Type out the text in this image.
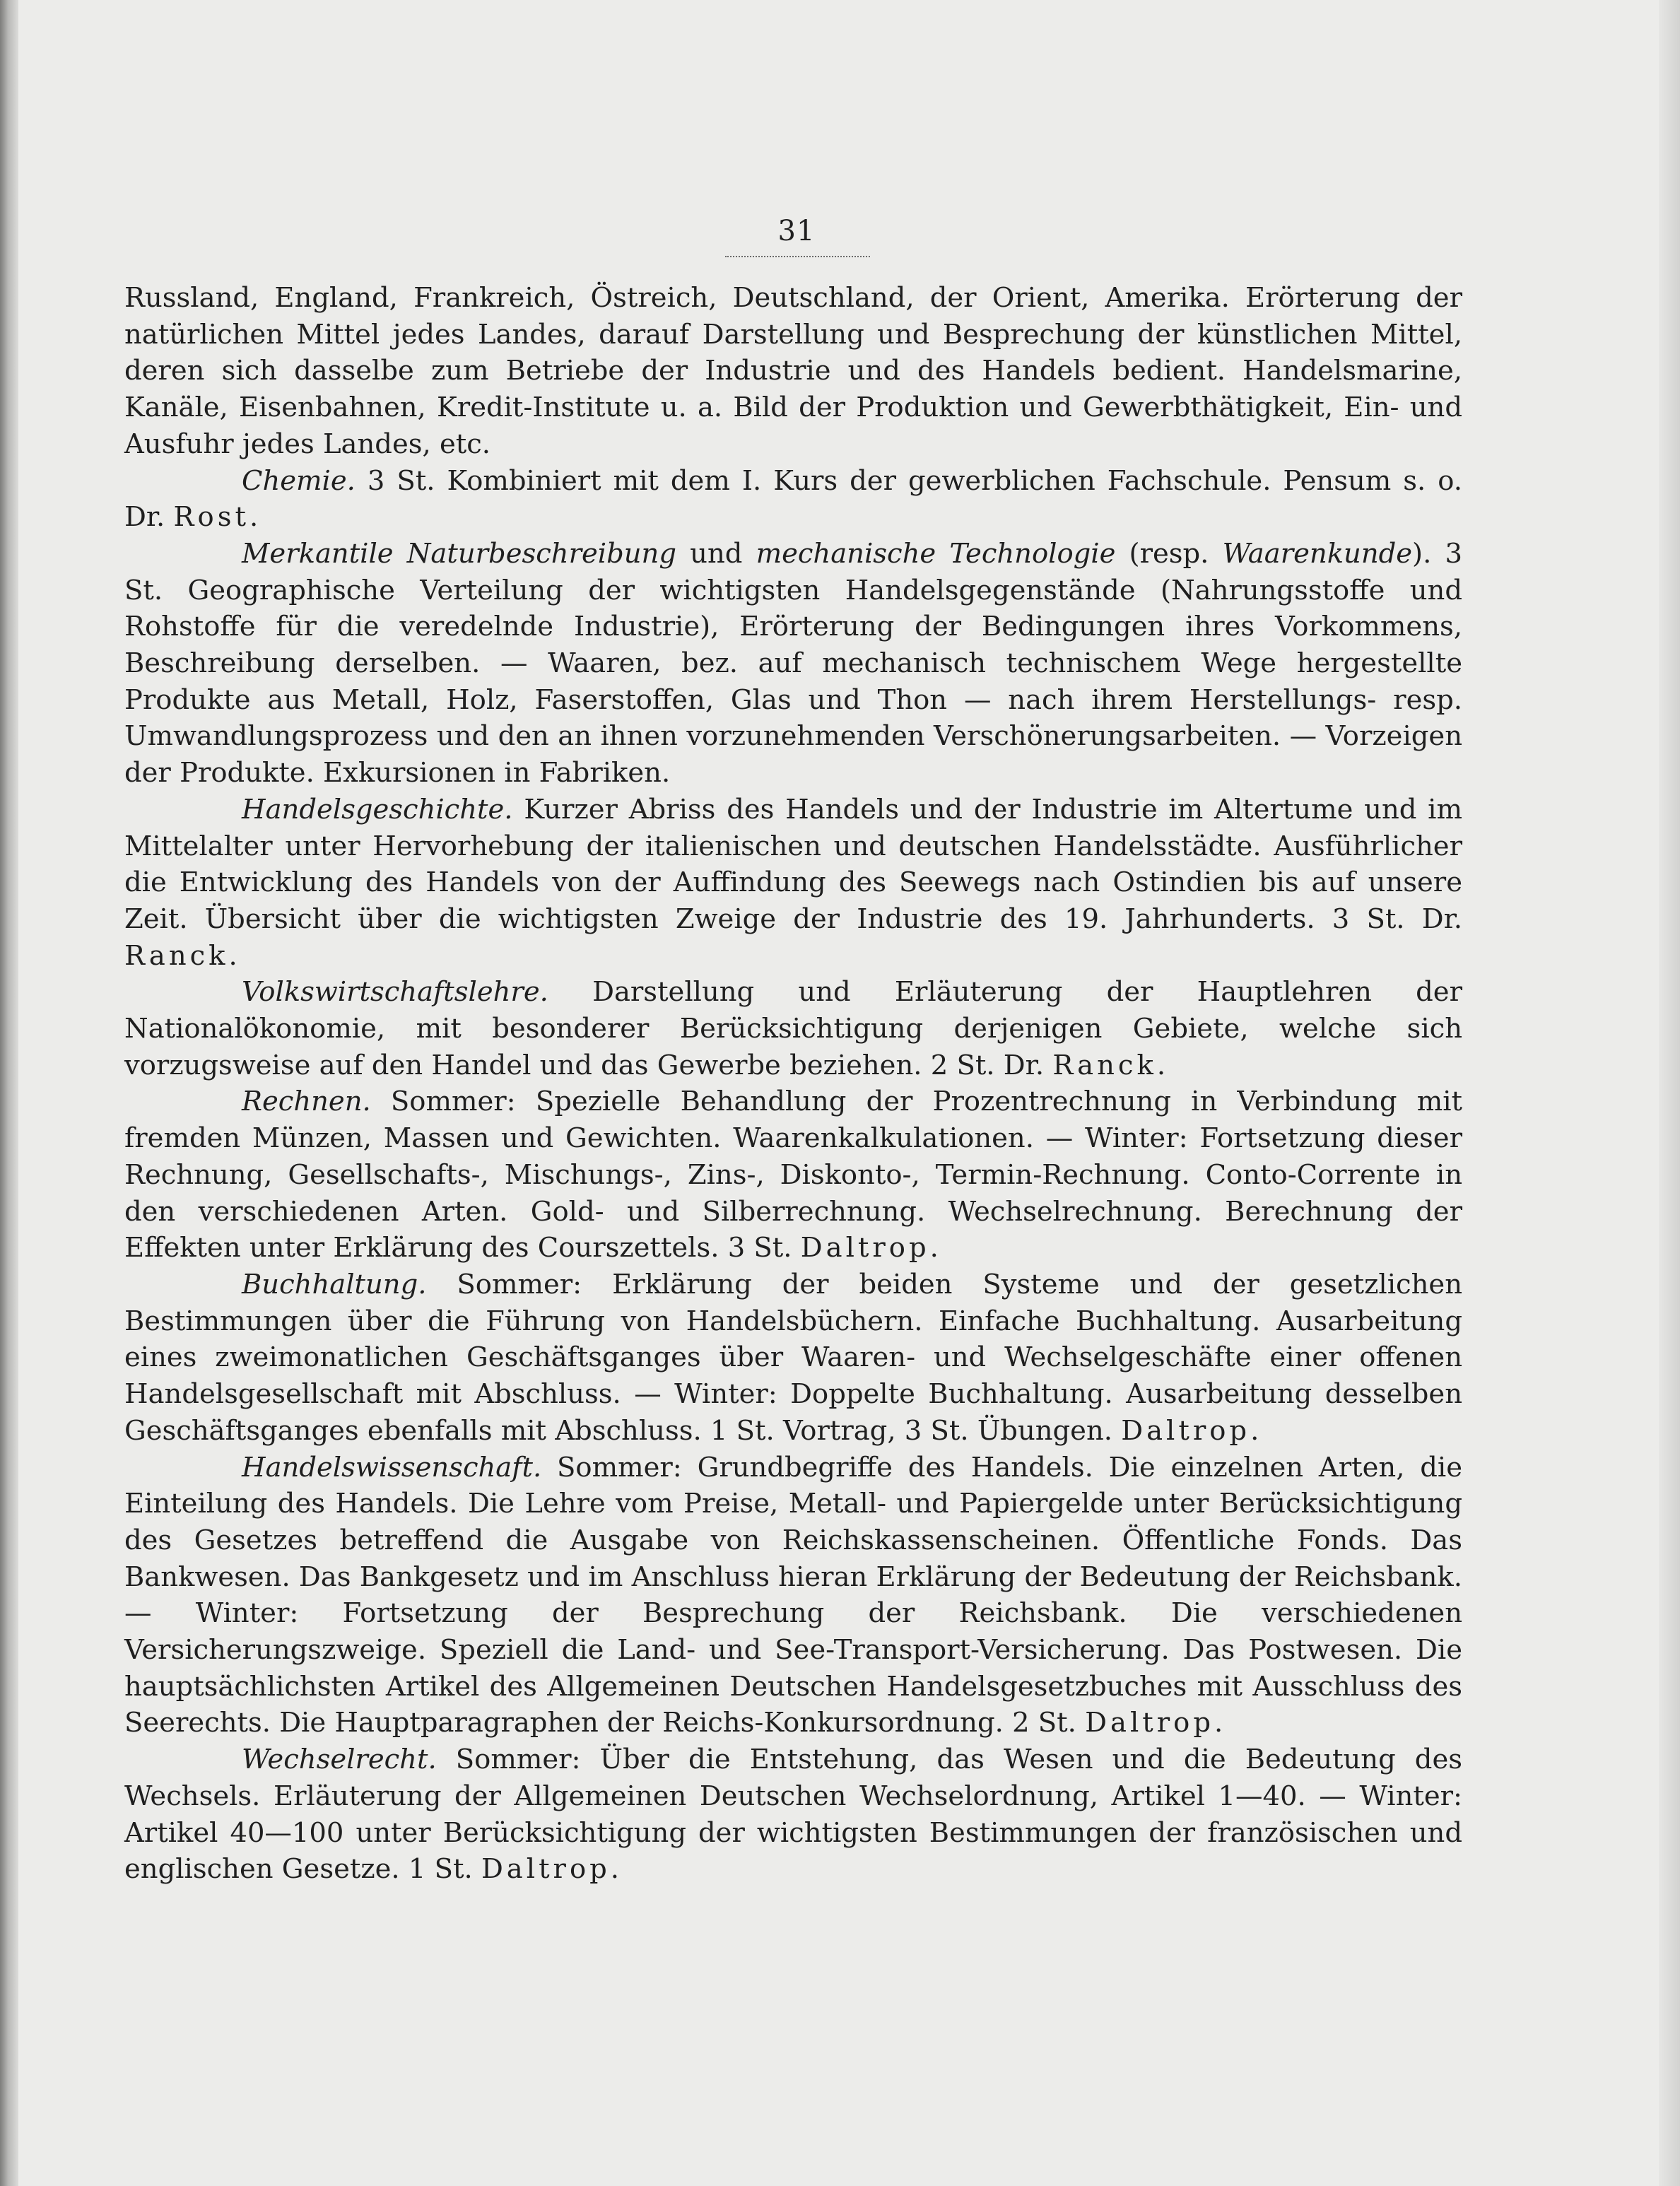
31

Russland, England, Frankreich, Östreich, Deutschland, der Orient, Amerika. Erörterung der natürlichen Mittel jedes Landes, darauf Darstellung und Besprechung der künstlichen Mittel, deren sich dasselbe zum Betriebe der Industrie und des Handels bedient. Handelsmarine, Kanäle, Eisenbahnen, Kredit-Institute u. a. Bild der Produktion und Gewerbthätigkeit, Ein- und Ausfuhr jedes Landes, etc.

Chemie. 3 St. Kombiniert mit dem I. Kurs der gewerblichen Fachschule. Pensum s. o. Dr. Rost.

Merkantile Naturbeschreibung und mechanische Technologie (resp. Waarenkunde). 3 St. Geographische Verteilung der wichtigsten Handelsgegenstände (Nahrungsstoffe und Rohstoffe für die veredelnde Industrie), Erörterung der Bedingungen ihres Vorkommens, Beschreibung derselben. — Waaren, bez. auf mechanisch technischem Wege hergestellte Produkte aus Metall, Holz, Faserstoffen, Glas und Thon — nach ihrem Herstellungs- resp. Umwandlungsprozess und den an ihnen vorzunehmenden Verschönerungsarbeiten. — Vorzeigen der Produkte. Exkursionen in Fabriken.

Handelsgeschichte. Kurzer Abriss des Handels und der Industrie im Altertume und im Mittelalter unter Hervorhebung der italienischen und deutschen Handelsstädte. Ausführlicher die Entwicklung des Handels von der Auffindung des Seewegs nach Ostindien bis auf unsere Zeit. Übersicht über die wichtigsten Zweige der Industrie des 19. Jahrhunderts. 3 St. Dr. Ranck.

Volkswirtschaftslehre. Darstellung und Erläuterung der Hauptlehren der Nationalökonomie, mit besonderer Berücksichtigung derjenigen Gebiete, welche sich vorzugsweise auf den Handel und das Gewerbe beziehen. 2 St. Dr. Ranck.

Rechnen. Sommer: Spezielle Behandlung der Prozentrechnung in Verbindung mit fremden Münzen, Massen und Gewichten. Waarenkalkulationen. — Winter: Fortsetzung dieser Rechnung, Gesellschafts-, Mischungs-, Zins-, Diskonto-, Termin-Rechnung. Conto-Corrente in den verschiedenen Arten. Gold- und Silberrechnung. Wechselrechnung. Berechnung der Effekten unter Erklärung des Courszettels. 3 St. Daltrop.

Buchhaltung. Sommer: Erklärung der beiden Systeme und der gesetzlichen Bestimmungen über die Führung von Handelsbüchern. Einfache Buchhaltung. Ausarbeitung eines zweimonatlichen Geschäftsganges über Waaren- und Wechselgeschäfte einer offenen Handelsgesellschaft mit Abschluss. — Winter: Doppelte Buchhaltung. Ausarbeitung desselben Geschäftsganges ebenfalls mit Abschluss. 1 St. Vortrag, 3 St. Übungen. Daltrop.

Handelswissenschaft. Sommer: Grundbegriffe des Handels. Die einzelnen Arten, die Einteilung des Handels. Die Lehre vom Preise, Metall- und Papiergelde unter Berücksichtigung des Gesetzes betreffend die Ausgabe von Reichskassenscheinen. Öffentliche Fonds. Das Bankwesen. Das Bankgesetz und im Anschluss hieran Erklärung der Bedeutung der Reichsbank. — Winter: Fortsetzung der Besprechung der Reichsbank. Die verschiedenen Versicherungszweige. Speziell die Land- und See-Transport-Versicherung. Das Postwesen. Die hauptsächlichsten Artikel des Allgemeinen Deutschen Handelsgesetzbuches mit Ausschluss des Seerechts. Die Hauptparagraphen der Reichs-Konkursordnung. 2 St. Daltrop.

Wechselrecht. Sommer: Über die Entstehung, das Wesen und die Bedeutung des Wechsels. Erläuterung der Allgemeinen Deutschen Wechselordnung, Artikel 1—40. — Winter: Artikel 40—100 unter Berücksichtigung der wichtigsten Bestimmungen der französischen und englischen Gesetze. 1 St. Daltrop.
